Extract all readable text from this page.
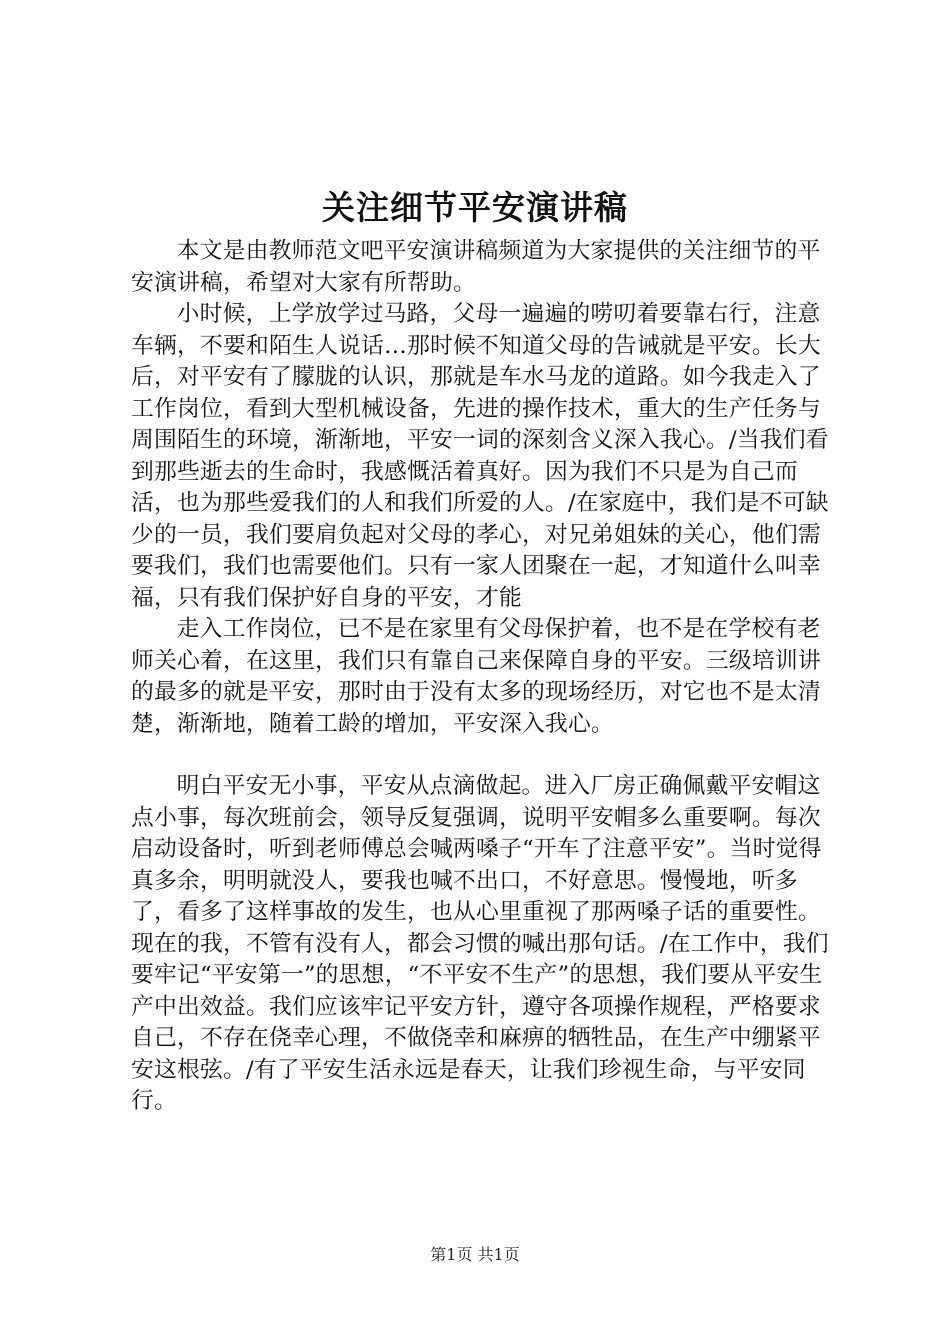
关注细节平安演讲稿

本文是由教师范文吧平安演讲稿频道为大家提供的关注细节的平安演讲稿，希望对大家有所帮助。

小时候，上学放学过马路，父母一遍遍的唠叨着要靠右行，注意车辆，不要和陌生人说话…那时候不知道父母的告诫就是平安。长大后，对平安有了朦胧的认识，那就是车水马龙的道路。如今我走入了工作岗位，看到大型机械设备，先进的操作技术，重大的生产任务与周围陌生的环境，渐渐地，平安一词的深刻含义深入我心。/当我们看到那些逝去的生命时，我感慨活着真好。因为我们不只是为自己而活，也为那些爱我们的人和我们所爱的人。/在家庭中，我们是不可缺少的一员，我们要肩负起对父母的孝心，对兄弟姐妹的关心，他们需要我们，我们也需要他们。只有一家人团聚在一起，才知道什么叫幸福，只有我们保护好自身的平安，才能

走入工作岗位，已不是在家里有父母保护着，也不是在学校有老师关心着，在这里，我们只有靠自己来保障自身的平安。三级培训讲的最多的就是平安，那时由于没有太多的现场经历，对它也不是太清楚，渐渐地，随着工龄的增加，平安深入我心。

明白平安无小事，平安从点滴做起。进入厂房正确佩戴平安帽这点小事，每次班前会，领导反复强调，说明平安帽多么重要啊。每次启动设备时，听到老师傅总会喊两嗓子“开车了注意平安”。当时觉得真多余，明明就没人，要我也喊不出口，不好意思。慢慢地，听多了，看多了这样事故的发生，也从心里重视了那两嗓子话的重要性。现在的我，不管有没有人，都会习惯的喊出那句话。/在工作中，我们要牢记“平安第一”的思想，“不平安不生产”的思想，我们要从平安生产中出效益。我们应该牢记平安方针，遵守各项操作规程，严格要求自己，不存在侥幸心理，不做侥幸和麻痹的牺牲品，在生产中绷紧平安这根弦。/有了平安生活永远是春天，让我们珍视生命，与平安同行。

第1页 共1页
